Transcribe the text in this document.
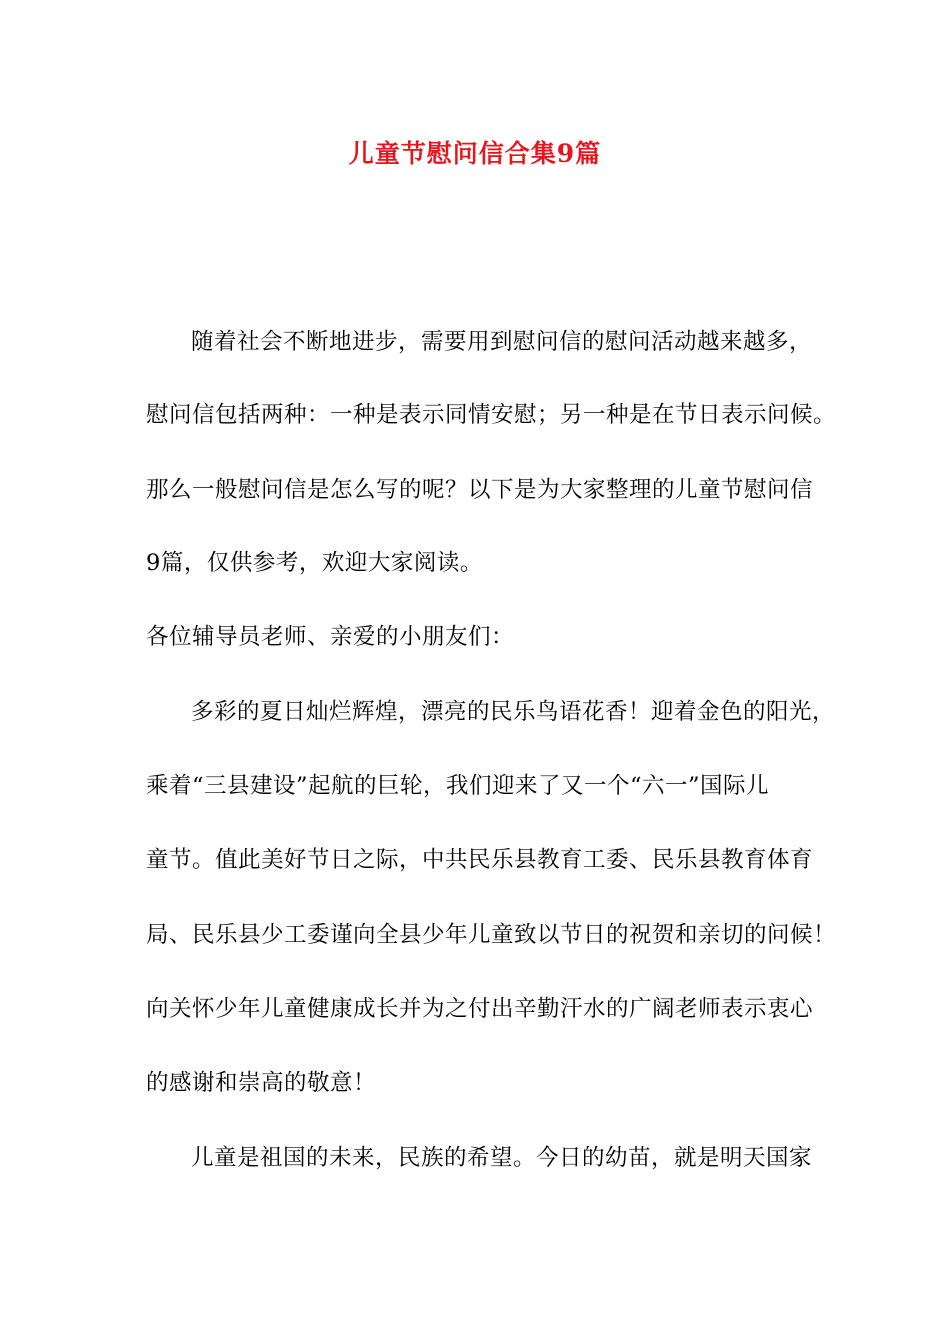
儿童节慰问信合集9篇
随着社会不断地进步，需要用到慰问信的慰问活动越来越多，
慰问信包括两种：一种是表示同情安慰；另一种是在节日表示问候。
那么一般慰问信是怎么写的呢？以下是为大家整理的儿童节慰问信
9篇，仅供参考，欢迎大家阅读。
各位辅导员老师、亲爱的小朋友们：
多彩的夏日灿烂辉煌，漂亮的民乐鸟语花香！迎着金色的阳光，
乘着“三县建设”起航的巨轮，我们迎来了又一个“六一”国际儿
童节。值此美好节日之际，中共民乐县教育工委、民乐县教育体育
局、民乐县少工委谨向全县少年儿童致以节日的祝贺和亲切的问候！
向关怀少年儿童健康成长并为之付出辛勤汗水的广阔老师表示衷心
的感谢和崇高的敬意！
儿童是祖国的未来，民族的希望。今日的幼苗，就是明天国家
